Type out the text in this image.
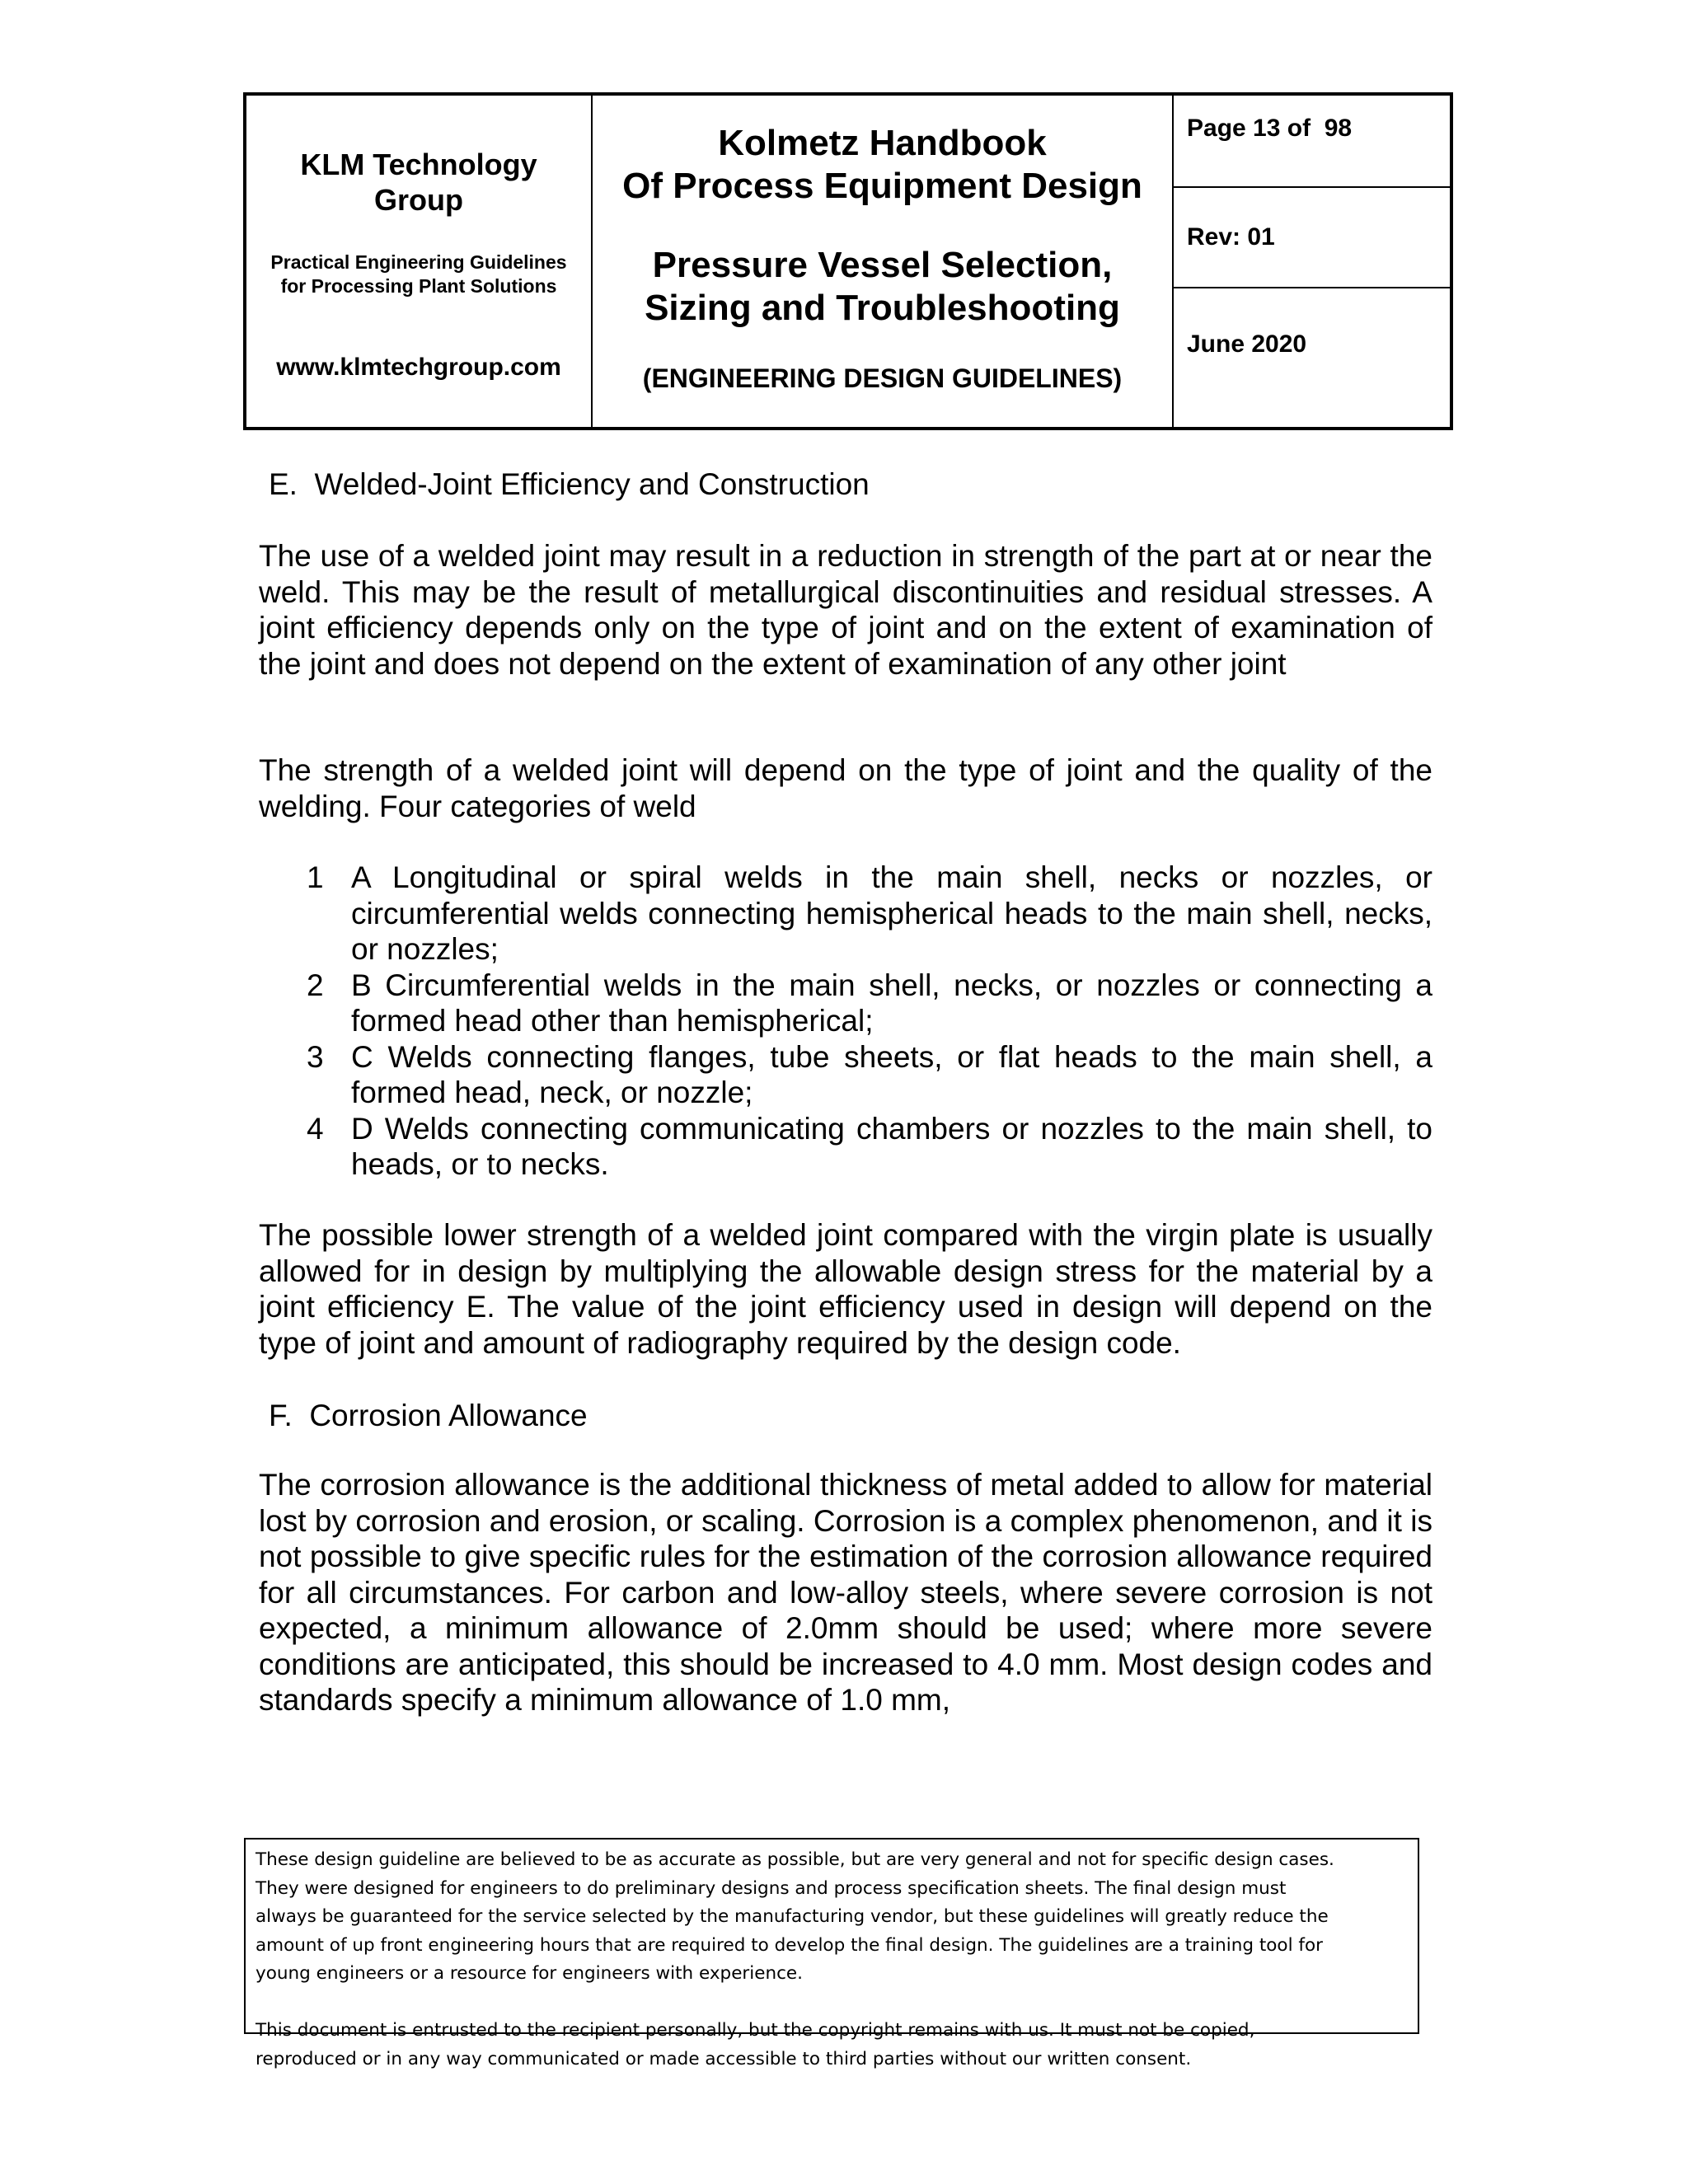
KLM Technology Group
Practical Engineering Guidelines for Processing Plant Solutions
www.klmtechgroup.com
Kolmetz Handbook
Of Process Equipment Design
Pressure Vessel Selection,
Sizing and Troubleshooting
(ENGINEERING DESIGN GUIDELINES)
Page 13 of  98
Rev: 01
June 2020
E.  Welded-Joint Efficiency and Construction

The use of a welded joint may result in a reduction in strength of the part at or near the weld. This may be the result of metallurgical discontinuities and residual stresses. A joint efficiency depends only on the type of joint and on the extent of examination of the joint and does not depend on the extent of examination of any other joint

The strength of a welded joint will depend on the type of joint and the quality of the welding. Four categories of weld

1 A Longitudinal or spiral welds in the main shell, necks or nozzles, or circumferential welds connecting hemispherical heads to the main shell, necks, or nozzles;
2 B Circumferential welds in the main shell, necks, or nozzles or connecting a formed head other than hemispherical;
3 C Welds connecting flanges, tube sheets, or flat heads to the main shell, a formed head, neck, or nozzle;
4 D Welds connecting communicating chambers or nozzles to the main shell, to heads, or to necks.

The possible lower strength of a welded joint compared with the virgin plate is usually allowed for in design by multiplying the allowable design stress for the material by a joint efficiency E. The value of the joint efficiency used in design will depend on the type of joint and amount of radiography required by the design code.

F.  Corrosion Allowance

The corrosion allowance is the additional thickness of metal added to allow for material lost by corrosion and erosion, or scaling. Corrosion is a complex phenomenon, and it is not possible to give specific rules for the estimation of the corrosion allowance required for all circumstances. For carbon and low-alloy steels, where severe corrosion is not expected, a minimum allowance of 2.0mm should be used; where more severe conditions are anticipated, this should be increased to 4.0 mm. Most design codes and standards specify a minimum allowance of 1.0 mm,

These design guideline are believed to be as accurate as possible, but are very general and not for specific design cases.

They were designed for engineers to do preliminary designs and process specification sheets. The final design must

always be guaranteed for the service selected by the manufacturing vendor, but these guidelines will greatly reduce the

amount of up front engineering hours that are required to develop the final design. The guidelines are a training tool for

young engineers or a resource for engineers with experience.

This document is entrusted to the recipient personally, but the copyright remains with us. It must not be copied,

reproduced or in any way communicated or made accessible to third parties without our written consent.
